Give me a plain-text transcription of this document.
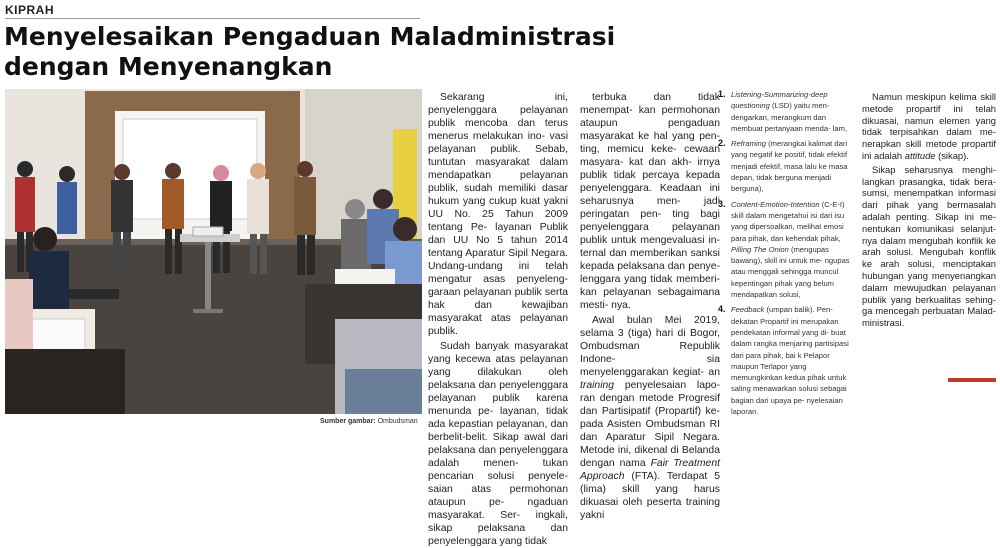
KIPRAH
Menyelesaikan Pengaduan Maladministrasi
dengan Menyenangkan
Sumber gambar: Ombudsman

Sekarang ini, penyelenggara pelayanan publik mencoba dan terus menerus melakukan ino- vasi pelayanan publik. Sebab, tuntutan masyarakat dalam mendapatkan pelayanan publik, sudah memiliki dasar hukum yang cukup kuat yakni UU No. 25 Tahun 2009 tentang Pe- layanan Publik dan UU No 5 tahun 2014 tentang Aparatur Sipil Negara. Undang-undang ini telah mengatur asas penyeleng- garaan pelayanan publik serta hak dan kewajiban masyarakat atas pelayanan publik.

Sudah banyak masyarakat yang kecewa atas pelayanan yang dilakukan oleh pelaksana dan penyelenggara pelayanan publik karena menunda pe- layanan, tidak ada kepastian pelayanan, dan berbelit-belit. Sikap awal dari pelaksana dan penyelenggara adalah menen- tukan pencarian solusi penyele- saian atas permohonan ataupun pe- ngaduan masyarakat. Ser- ingkali, sikap pelaksana dan penyelenggara yang tidak

terbuka dan tidak menempat- kan permohonan ataupun pengaduan masyarakat ke hal yang pen- ting, memicu keke- cewaan masyara- kat dan akh- irnya publik tidak percaya kepada penyelenggara. Keadaan ini seharusnya men- jadi peringatan pen- ting bagi penyelenggara pelayanan publik untuk mengevaluasi in- ternal dan memberikan sanksi kepada pelaksana dan penye- lenggara yang tidak memberi- kan pelayanan sebagaimana mesti- nya.

Awal bulan Mei 2019, selama 3 (tiga) hari di Bogor, Ombudsman Republik Indone- sia menyelenggarakan kegiat- an training penyelesaian lapo- ran dengan metode Progresif dan Partisipatif (Propartif) ke- pada Asisten Ombudsman RI dan Aparatur Sipil Negara. Metode ini, dikenal di Belanda dengan nama Fair Treatment Approach (FTA). Terdapat 5 (lima) skill yang harus dikuasai oleh peserta training yakni

1. Listening-Summarizing-deep questioning (LSD) yaitu men- dengarkan, merangkum dan membuat pertanyaan menda- lam,
2. Reframing (merangkai kalimat dari yang negatif ke positif, tidak efektif menjadi efektif, masa lalu ke masa depan, tidak berguna menjadi berguna),
3. Content-Emotion-Intention (C-E-I) skill dalam mengetahui isi dari isu yang dipersoalkan, melihat emosi para pihak, dan kehendak pihak, Pilling The Onion (mengupas bawang), skill ini untuk me- ngupas atau menggali sehingga muncul kepentingan pihak yang belum mendapatkan solusi,
4. Feedback (umpan balik). Pen- dekatan Propartif ini merupakan pendekatan informal yang di- buat dalam rangka menjaring partisipasi dari para pihak, bai k Pelapor maupun Terlapor yang memungkinkan kedua pihak untuk saling menawarkan solusi sebagai bagian dari upaya pe- nyelesaian laporan.

Namun meskipun kelima skill metode propartif ini telah dikuasai, namun elemen yang tidak terpisahkan dalam me- nerapkan skill metode propartif ini adalah attitude (sikap).

Sikap seharusnya menghi- langkan prasangka, tidak bera- sumsi, menempatkan informasi dari pihak yang bermasalah adalah penting. Sikap ini me- nentukan komunikasi selanjut- nya dalam mengubah konflik ke arah solusi. Mengubah konflik ke arah solusi, menciptakan hubungan yang menyenangkan dalam mewujudkan pelayanan publik yang berkualitas sehing- ga mencegah perbuatan Malad- ministrasi.
